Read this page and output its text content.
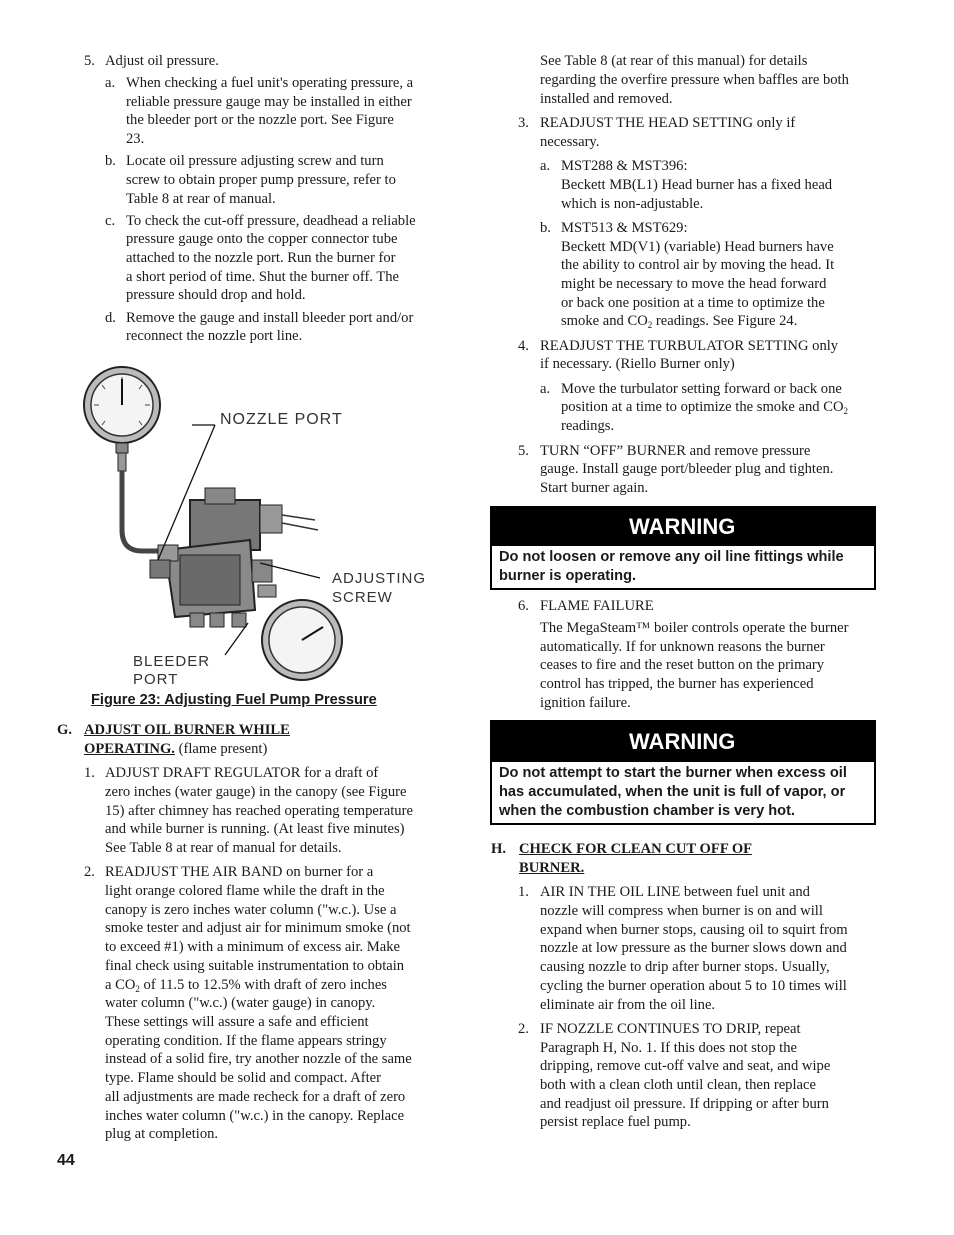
5. Adjust oil pressure.
a. When checking a fuel unit's operating pressure, a
reliable pressure gauge may be installed in either
the bleeder port or the nozzle port. See Figure
23.
b. Locate oil pressure adjusting screw and turn
screw to obtain proper pump pressure, refer to
Table 8 at rear of manual.
c. To check the cut-off pressure, deadhead a reliable
pressure gauge onto the copper connector tube
attached to the nozzle port. Run the burner for
a short period of time. Shut the burner off. The
pressure should drop and hold.
d. Remove the gauge and install bleeder port and/or
reconnect the nozzle port line.
NOZZLE PORT
ADJUSTING
SCREW
BLEEDER
PORT
Figure 23: Adjusting Fuel Pump Pressure
G. ADJUST OIL BURNER WHILE
OPERATING. (flame present)
1. ADJUST DRAFT REGULATOR for a draft of
zero inches (water gauge) in the canopy (see Figure
15) after chimney has reached operating temperature
and while burner is running. (At least five minutes)
See Table 8 at rear of manual for details.
2. READJUST THE AIR BAND on burner for a
light orange colored flame while the draft in the
canopy is zero inches water column ("w.c.). Use a
smoke tester and adjust air for minimum smoke (not
to exceed #1) with a minimum of excess air. Make
final check using suitable instrumentation to obtain
a $CO_2$ of 11.5 to 12.5% with draft of zero inches
water column ("w.c.) (water gauge) in canopy.
These settings will assure a safe and efficient
operating condition. If the flame appears stringy
instead of a solid fire, try another nozzle of the same
type. Flame should be solid and compact. After
all adjustments are made recheck for a draft of zero
inches water column ("w.c.) in the canopy. Replace
plug at completion.
44
See Table 8 (at rear of this manual) for details
regarding the overfire pressure when baffles are both
installed and removed.
3. READJUST THE HEAD SETTING only if
necessary.
a. MST288 & MST396:
Beckett MB(L1) Head burner has a fixed head
which is non-adjustable.
b. MST513 & MST629:
Beckett MD(V1) (variable) Head burners have
the ability to control air by moving the head. It
might be necessary to move the head forward
or back one position at a time to optimize the
smoke and $CO_2$ readings. See Figure 24.
4. READJUST THE TURBULATOR SETTING only
if necessary. (Riello Burner only)
a. Move the turbulator setting forward or back one
position at a time to optimize the smoke and $CO_2$
readings.
5. TURN “OFF” BURNER and remove pressure
gauge. Install gauge port/bleeder plug and tighten.
Start burner again.
WARNING
Do not loosen or remove any oil line fittings while burner is operating.
6. FLAME FAILURE
The MegaSteam™ boiler controls operate the burner
automatically. If for unknown reasons the burner
ceases to fire and the reset button on the primary
control has tripped, the burner has experienced
ignition failure.
WARNING
Do not attempt to start the burner when excess oil has accumulated, when the unit is full of vapor, or when the combustion chamber is very hot.
H. CHECK FOR CLEAN CUT OFF OF
BURNER.
1. AIR IN THE OIL LINE between fuel unit and
nozzle will compress when burner is on and will
expand when burner stops, causing oil to squirt from
nozzle at low pressure as the burner slows down and
causing nozzle to drip after burner stops. Usually,
cycling the burner operation about 5 to 10 times will
eliminate air from the oil line.
2. IF NOZZLE CONTINUES TO DRIP, repeat
Paragraph H, No. 1. If this does not stop the
dripping, remove cut-off valve and seat, and wipe
both with a clean cloth until clean, then replace
and readjust oil pressure. If dripping or after burn
persist replace fuel pump.
